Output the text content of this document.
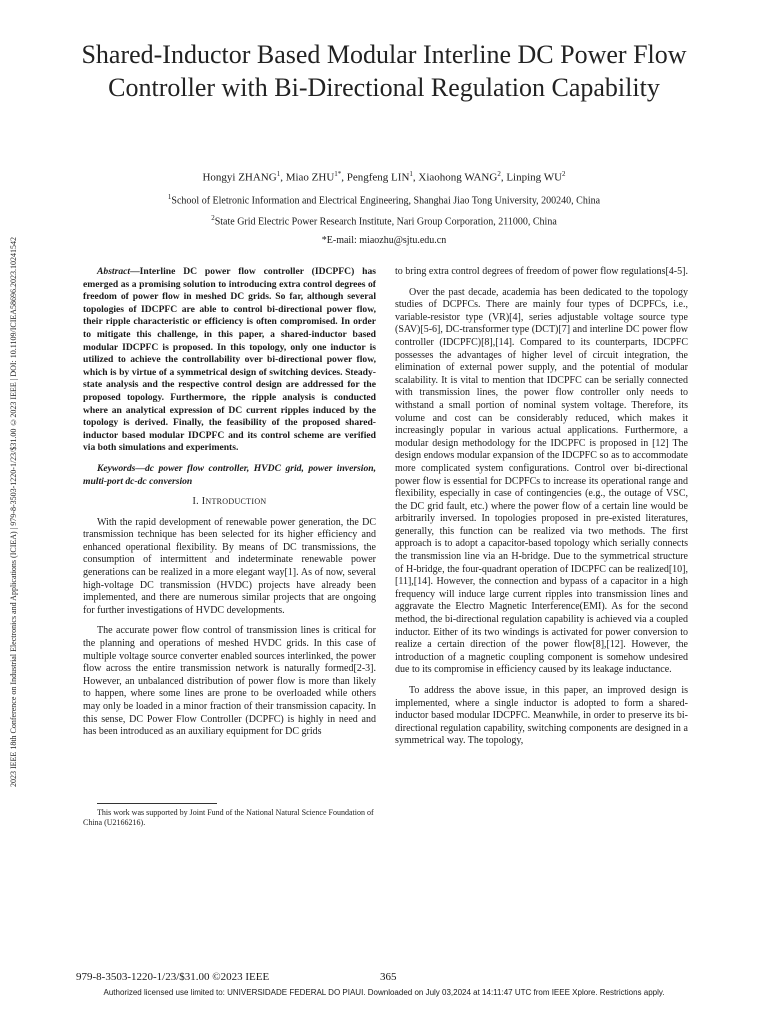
2023 IEEE 18th Conference on Industrial Electronics and Applications (ICIEA) | 979-8-3503-1220-1/23/$31.00 ©2023 IEEE | DOI: 10.1109/ICIEA58696.2023.10241542
Shared-Inductor Based Modular Interline DC Power Flow Controller with Bi-Directional Regulation Capability
Hongyi ZHANG$^1$, Miao $ZHU^{1*}$, Pengfeng LIN$^1$, Xiaohong WANG$^2$, Linping $WU^2$
$^1$School of Eletronic Information and Electrical Engineering, Shanghai Jiao Tong University, 200240, China
$^2$State Grid Electric Power Research Institute, Nari Group Corporation, 211000, China
*E-mail: miaozhu@sjtu.edu.cn

Abstract—Interline DC power flow controller (IDCPFC) has emerged as a promising solution to introducing extra control degrees of freedom of power flow in meshed DC grids. So far, although several topologies of IDCPFC are able to control bi-directional power flow, their ripple characteristic or efficiency is often compromised. In order to mitigate this challenge, in this paper, a shared-inductor based modular IDCPFC is proposed. In this topology, only one inductor is utilized to achieve the controllability over bi-directional power flow, which is by virtue of a symmetrical design of switching devices. Steady-state analysis and the respective control design are addressed for the proposed topology. Furthermore, the ripple analysis is conducted where an analytical expression of DC current ripples induced by the topology is derived. Finally, the feasibility of the proposed shared-inductor based modular IDCPFC and its control scheme are verified via both simulations and experiments.

Keywords—dc power flow controller, HVDC grid, power inversion, multi-port dc-dc conversion

I. INTRODUCTION

With the rapid development of renewable power generation, the DC transmission technique has been selected for its higher efficiency and enhanced operational flexibility. By means of DC transmissions, the consumption of intermittent and indeterminate renewable power generations can be realized in a more elegant way[1]. As of now, several high-voltage DC transmission (HVDC) projects have already been implemented, and there are numerous similar projects that are ongoing for further investigations of HVDC developments.

The accurate power flow control of transmission lines is critical for the planning and operations of meshed HVDC grids. In this case of multiple voltage source converter enabled sources interlinked, the power flow across the entire transmission network is naturally formed[2-3]. However, an unbalanced distribution of power flow is more than likely to happen, where some lines are prone to be overloaded while others may only be loaded in a minor fraction of their transmission capacity. In this sense, DC Power Flow Controller (DCPFC) is highly in need and has been introduced as an auxiliary equipment for DC grids

to bring extra control degrees of freedom of power flow regulations[4-5].

Over the past decade, academia has been dedicated to the topology studies of DCPFCs. There are mainly four types of DCPFCs, i.e., variable-resistor type (VR)[4], series adjustable voltage source type (SAV)[5-6], DC-transformer type (DCT)[7] and interline DC power flow controller (IDCPFC)[8],[14]. Compared to its counterparts, IDCPFC possesses the advantages of higher level of circuit integration, the elimination of external power supply, and the potential of modular scalability. It is vital to mention that IDCPFC can be serially connected with transmission lines, the power flow controller only needs to withstand a small portion of nominal system voltage. Therefore, its volume and cost can be considerably reduced, which makes it increasingly popular in various actual applications. Furthermore, a modular design methodology for the IDCPFC is proposed in [12] The design endows modular expansion of the IDCPFC so as to accommodate more complicated system configurations. Control over bi-directional power flow is essential for DCPFCs to increase its operational range and flexibility, especially in case of contingencies (e.g., the outage of VSC, the DC grid fault, etc.) where the power flow of a certain line would be arbitrarily inversed. In topologies proposed in pre-existed literatures, generally, this function can be realized via two methods. The first approach is to adopt a capacitor-based topology which serially connects the transmission line via an H-bridge. Due to the symmetrical structure of H-bridge, the four-quadrant operation of IDCPFC can be realized[10],[11],[14]. However, the connection and bypass of a capacitor in a high frequency will induce large current ripples into transmission lines and aggravate the Electro Magnetic Interference(EMI). As for the second method, the bi-directional regulation capability is achieved via a coupled inductor. Either of its two windings is activated for power conversion to realize a certain direction of the power flow[8],[12]. However, the introduction of a magnetic coupling component is somehow undesired due to its compromise in efficiency caused by its leakage inductance.

To address the above issue, in this paper, an improved design is implemented, where a single inductor is adopted to form a shared-inductor based modular IDCPFC. Meanwhile, in order to preserve its bi-directional regulation capability, switching components are designed in a symmetrical way. The topology,

This work was supported by Joint Fund of the National Natural Science Foundation of China (U2166216).

979-8-3503-1220-1/23/$31.00 ©2023 IEEE	365
Authorized licensed use limited to: UNIVERSIDADE FEDERAL DO PIAUI. Downloaded on July 03,2024 at 14:11:47 UTC from IEEE Xplore. Restrictions apply.
